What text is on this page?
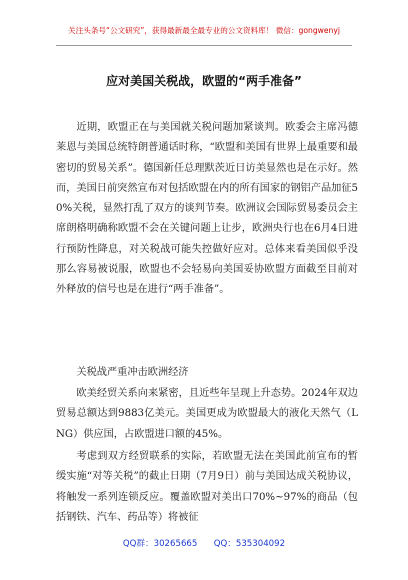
关注头条号“公文研究”，获得最新最全最专业的公文资料库！ 微信：gongwenyj
应对美国关税战，欧盟的“两手准备”
近期，欧盟正在与美国就关税问题加紧谈判。欧委会主席冯德莱恩与美国总统特朗普通话时称，“欧盟和美国有世界上最重要和最密切的贸易关系”。德国新任总理默茨近日访美显然也是在示好。然而，美国日前突然宣布对包括欧盟在内的所有国家的钢铝产品加征50%关税，显然打乱了双方的谈判节奏。欧洲议会国际贸易委员会主席朗格明确称欧盟不会在关键问题上让步，欧洲央行也在6月4日进行预防性降息，对关税战可能失控做好应对。总体来看美国似乎没那么容易被说服，欧盟也不会轻易向美国妥协欧盟方面截至目前对外释放的信号也是在进行“两手准备”。
关税战严重冲击欧洲经济
欧美经贸关系向来紧密，且近些年呈现上升态势。2024年双边贸易总额达到9883亿美元。美国更成为欧盟最大的液化天然气（LNG）供应国，占欧盟进口额的45%。
考虑到双方经贸联系的实际，若欧盟无法在美国此前宣布的暂缓实施“对等关税”的截止日期（7月9日）前与美国达成关税协议，将触发一系列连锁反应。覆盖欧盟对美出口70%~97%的商品（包括钢铁、汽车、药品等）将被征
QQ群：30265665      QQ：535304092
